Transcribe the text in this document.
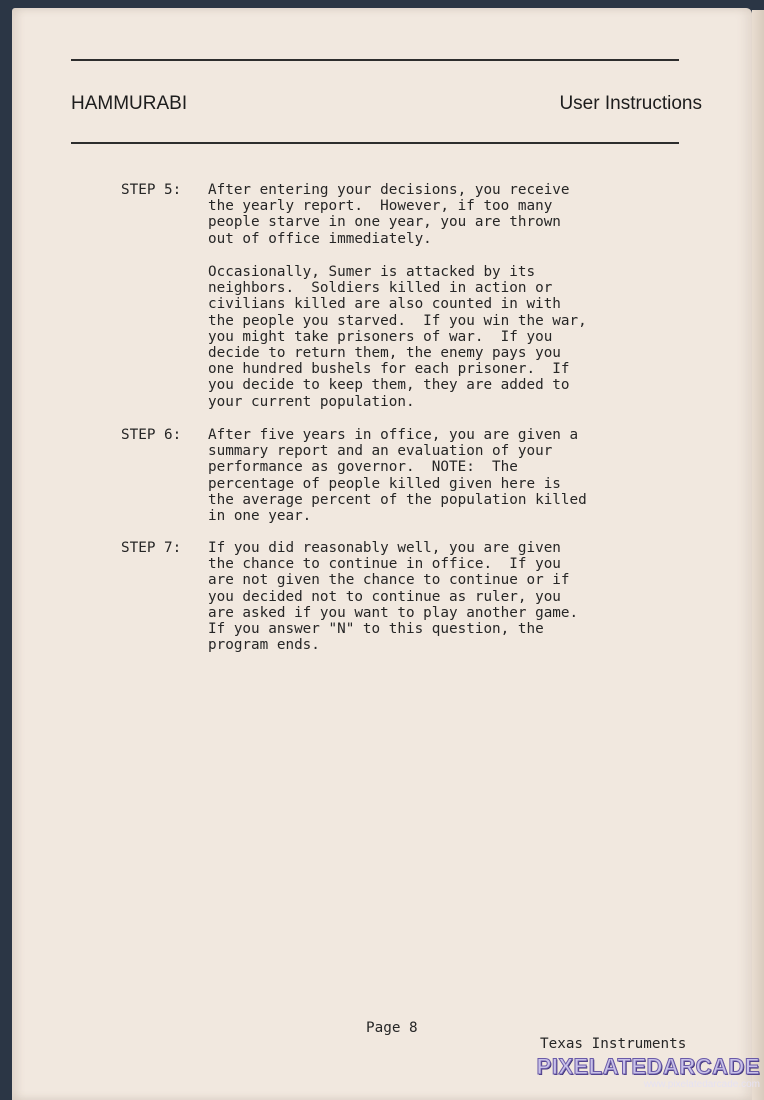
HAMMURABI	User Instructions
STEP 5: After entering your decisions, you receive
the yearly report.  However, if too many
people starve in one year, you are thrown
out of office immediately.
Occasionally, Sumer is attacked by its
neighbors.  Soldiers killed in action or
civilians killed are also counted in with
the people you starved.  If you win the war,
you might take prisoners of war.  If you
decide to return them, the enemy pays you
one hundred bushels for each prisoner.  If
you decide to keep them, they are added to
your current population.
STEP 6: After five years in office, you are given a
summary report and an evaluation of your
performance as governor.  NOTE:  The
percentage of people killed given here is
the average percent of the population killed
in one year.
STEP 7: If you did reasonably well, you are given
the chance to continue in office.  If you
are not given the chance to continue or if
you decided not to continue as ruler, you
are asked if you want to play another game.
If you answer "N" to this question, the
program ends.
Page 8
Texas Instruments
PIXELATEDARCADE
www.pixelatedarcade.com
